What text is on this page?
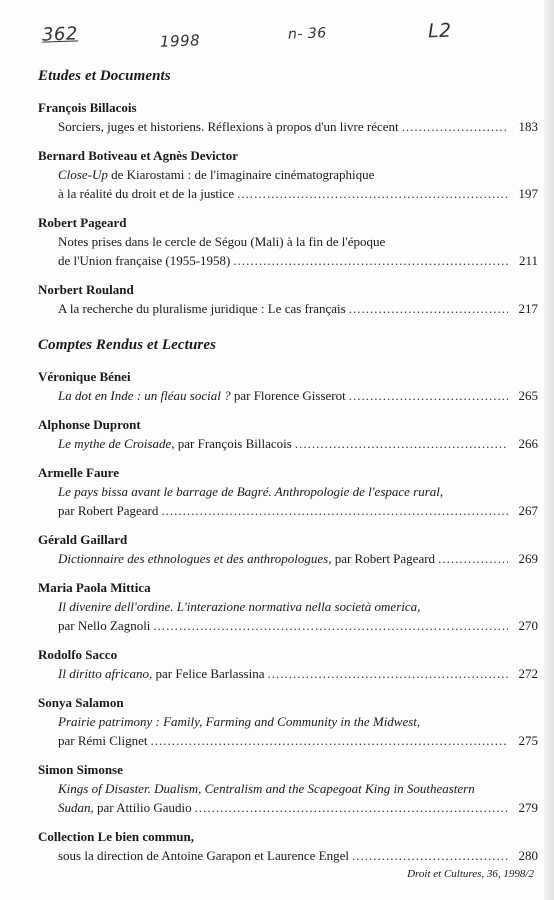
362	1998	n- 36	L2
Etudes et Documents
François Billacois
Sorciers, juges et historiens. Réflexions à propos d'un livre récent .....	183
Bernard Botiveau et Agnès Devictor
Close-Up de Kiarostami : de l'imaginaire cinématographique
à la réalité du droit et de la justice .....	197
Robert Pageard
Notes prises dans le cercle de Ségou (Mali) à la fin de l'époque
de l'Union française (1955-1958) .....	211
Norbert Rouland
A la recherche du pluralisme juridique : Le cas français .....	217
Comptes Rendus et Lectures
Véronique Bénei
La dot en Inde : un fléau social ? par Florence Gisserot .....	265
Alphonse Dupront
Le mythe de Croisade, par François Billacois .....	266
Armelle Faure
Le pays bissa avant le barrage de Bagré. Anthropologie de l'espace rural,
par Robert Pageard .....	267
Gérald Gaillard
Dictionnaire des ethnologues et des anthropologues, par Robert Pageard .....	269
Maria Paola Mittica
Il divenire dell'ordine. L'interazione normativa nella società omerica,
par Nello Zagnoli .....	270
Rodolfo Sacco
Il diritto africano, par Felice Barlassina .....	272
Sonya Salamon
Prairie patrimony : Family, Farming and Community in the Midwest,
par Rémi Clignet .....	275
Simon Simonse
Kings of Disaster. Dualism, Centralism and the Scapegoat King in Southeastern
Sudan, par Attilio Gaudio .....	279
Collection Le bien commun,
sous la direction de Antoine Garapon et Laurence Engel .....	280
Droit et Cultures, 36, 1998/2
